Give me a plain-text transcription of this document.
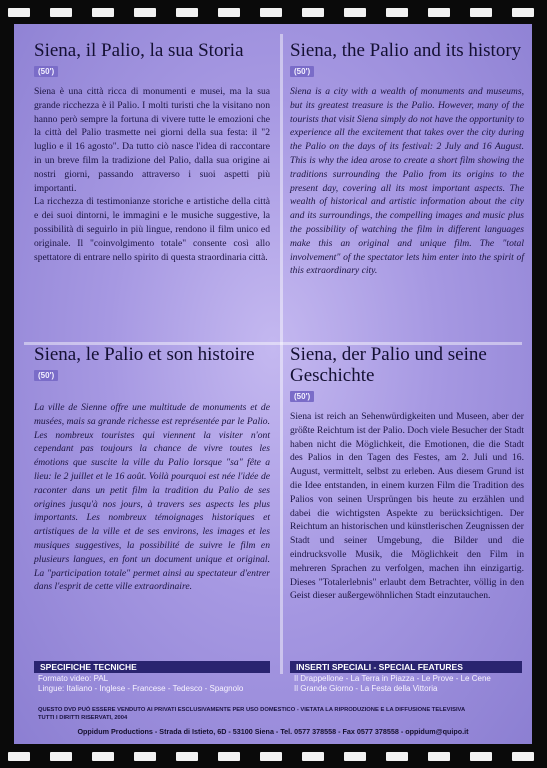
Siena, il Palio, la sua Storia
(50')

Siena è una città ricca di monumenti e musei, ma la sua grande ricchezza è il Palio. I molti turisti che la visitano non hanno però sempre la fortuna di vivere tutte le emozioni che la città del Palio trasmette nei giorni della sua festa: il "2 luglio e il 16 agosto". Da tutto ciò nasce l'idea di raccontare in un breve film la tradizione del Palio, dalla sua origine ai nostri giorni, passando attraverso i suoi aspetti più importanti.

La ricchezza di testimonianze storiche e artistiche della città e dei suoi dintorni, le immagini e le musiche suggestive, la possibilità di seguirlo in più lingue, rendono il film unico ed originale. Il "coinvolgimento totale" consente così allo spettatore di entrare nello spirito di questa straordinaria città.

Siena, the Palio and its history
(50')

Siena is a city with a wealth of monuments and museums, but its greatest treasure is the Palio. However, many of the tourists that visit Siena simply do not have the opportunity to experience all the excitement that takes over the city during the Palio on the days of its festival: 2 July and 16 August. This is why the idea arose to create a short film showing the traditions surrounding the Palio from its origins to the present day, covering all its most important aspects. The wealth of historical and artistic information about the city and its surroundings, the compelling images and music plus the possibility of watching the film in different languages make this an original and unique film. The "total involvement" of the spectator lets him enter into the spirit of this extraordinary city.

Siena, le Palio et son histoire
(50')

La ville de Sienne offre une multitude de monuments et de musées, mais sa grande richesse est représentée par le Palio. Les nombreux touristes qui viennent la visiter n'ont cependant pas toujours la chance de vivre toutes les émotions que suscite la ville du Palio lorsque "sa" fête a lieu: le 2 juillet et le 16 août. Voilà pourquoi est née l'idée de raconter dans un petit film la tradition du Palio de ses origines jusqu'à nos jours, à travers ses aspects les plus importants. Les nombreux témoignages historiques et artistiques de la ville et de ses environs, les images et les musiques suggestives, la possibilité de suivre le film en plusieurs langues, en font un document unique et original. La "participation totale" permet ainsi au spectateur d'entrer dans l'esprit de cette ville extraordinaire.

Siena, der Palio und seine Geschichte
(50')

Siena ist reich an Sehenwürdigkeiten und Museen, aber der größte Reichtum ist der Palio. Doch viele Besucher der Stadt haben nicht die Möglichkeit, die Emotionen, die die Stadt des Palios in den Tagen des Festes, am 2. Juli und 16. August, vermittelt, selbst zu erleben. Aus diesem Grund ist die Idee entstanden, in einem kurzen Film die Tradition des Palios von seinen Ursprüngen bis heute zu erzählen und dabei die wichtigsten Aspekte zu berücksichtigen. Der Reichtum an historischen und künstlerischen Zeugnissen der Stadt und seiner Umgebung, die Bilder und die eindrucksvolle Musik, die Möglichkeit den Film in mehreren Sprachen zu verfolgen, machen ihn einzigartig. Dieses "Totalerlebnis" erlaubt dem Betrachter, völlig in den Geist dieser außergewöhnlichen Stadt einzutauchen.

SPECIFICHE TECNICHE
Formato video: PAL
Lingue: Italiano - Inglese - Francese - Tedesco - Spagnolo
INSERTI SPECIALI - SPECIAL FEATURES
Il Drappellone - La Terra in Piazza - Le Prove - Le Cene
Il Grande Giorno - La Festa della Vittoria
QUESTO DVD PUÒ ESSERE VENDUTO AI PRIVATI ESCLUSIVAMENTE PER USO DOMESTICO - VIETATA LA RIPRODUZIONE E LA DIFFUSIONE TELEVISIVA
TUTTI I DIRITTI RISERVATI, 2004
Oppidum Productions - Strada di Istieto, 6D - 53100 Siena - Tel. 0577 378558 - Fax 0577 378558 - oppidum@quipo.it
